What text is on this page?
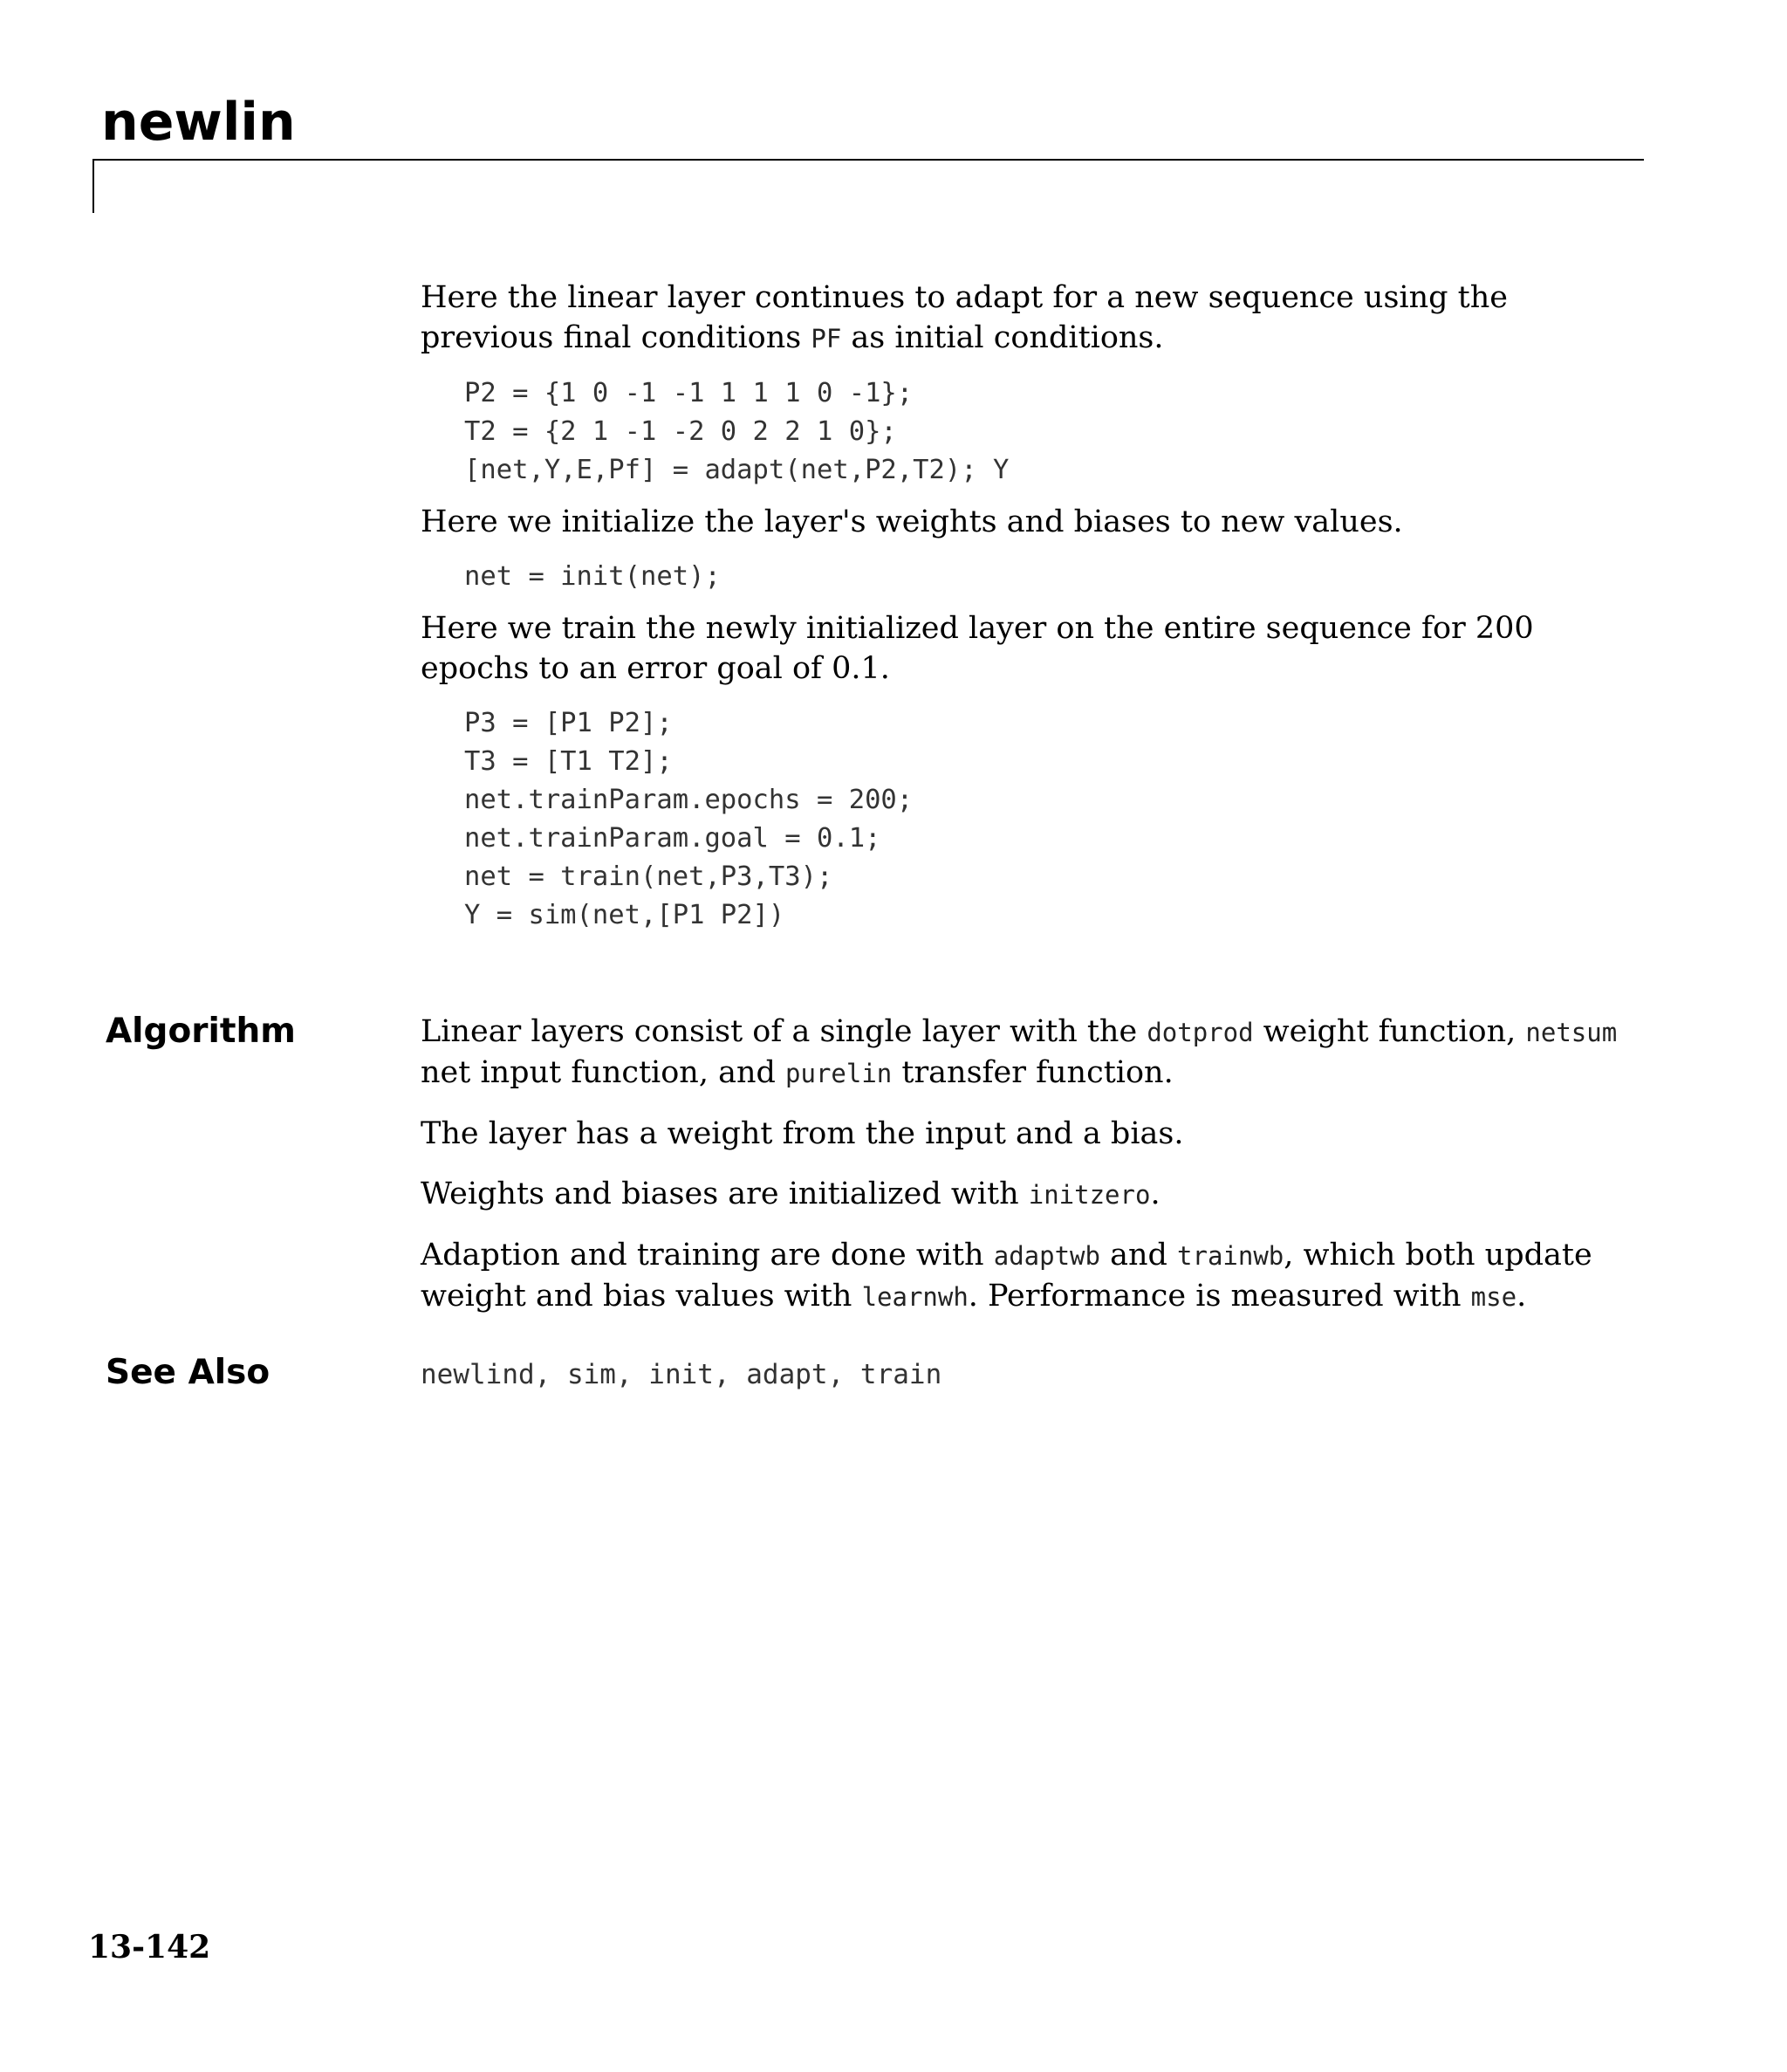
newlin

Here the linear layer continues to adapt for a new sequence using the previous final conditions PF as initial conditions.

P2 = {1 0 -1 -1 1 1 1 0 -1};
T2 = {2 1 -1 -2 0 2 2 1 0};
[net,Y,E,Pf] = adapt(net,P2,T2); Y

Here we initialize the layer's weights and biases to new values.

net = init(net);

Here we train the newly initialized layer on the entire sequence for 200 epochs to an error goal of 0.1.

P3 = [P1 P2];
T3 = [T1 T2];
net.trainParam.epochs = 200;
net.trainParam.goal = 0.1;
net = train(net,P3,T3);
Y = sim(net,[P1 P2])
Algorithm	Linear layers consist of a single layer with the dotprod weight function, netsum net input function, and purelin transfer function.

The layer has a weight from the input and a bias.

Weights and biases are initialized with initzero.

Adaption and training are done with adaptwb and trainwb, which both update weight and bias values with learnwh. Performance is measured with mse.

See Also	newlind, sim, init, adapt, train

13-142
